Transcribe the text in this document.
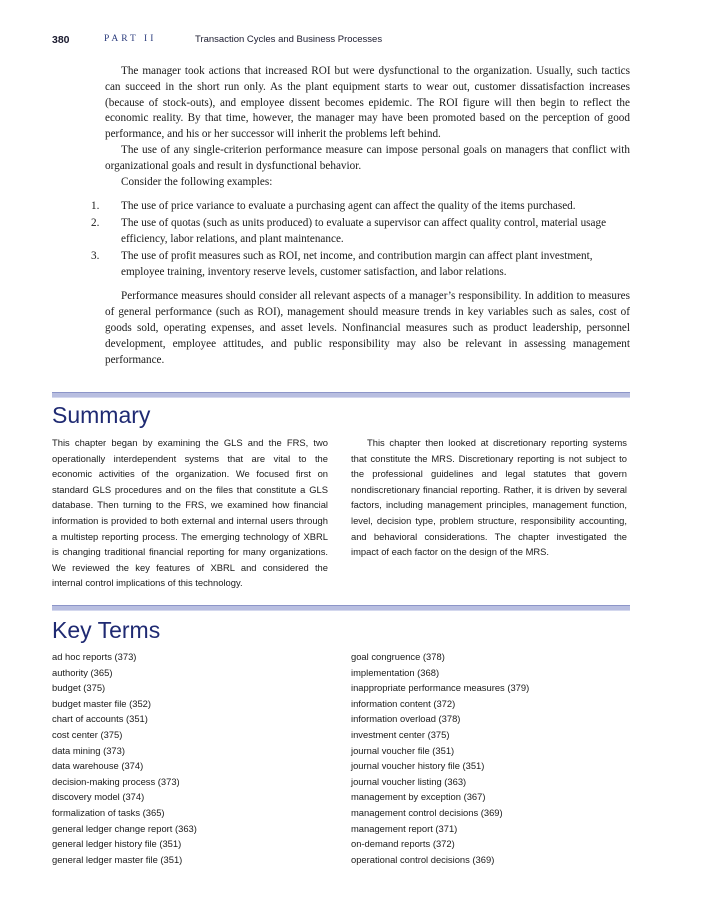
380	PART II	Transaction Cycles and Business Processes

The manager took actions that increased ROI but were dysfunctional to the organization. Usually, such tactics can succeed in the short run only. As the plant equipment starts to wear out, customer dissatisfaction increases (because of stock-outs), and employee dissent becomes epidemic. The ROI figure will then begin to reflect the economic reality. By that time, however, the manager may have been promoted based on the perception of good performance, and his or her successor will inherit the problems left behind.

The use of any single-criterion performance measure can impose personal goals on managers that conflict with organizational goals and result in dysfunctional behavior.

Consider the following examples:

1. The use of price variance to evaluate a purchasing agent can affect the quality of the items purchased.
2. The use of quotas (such as units produced) to evaluate a supervisor can affect quality control, material usage efficiency, labor relations, and plant maintenance.
3. The use of profit measures such as ROI, net income, and contribution margin can affect plant investment, employee training, inventory reserve levels, customer satisfaction, and labor relations.

Performance measures should consider all relevant aspects of a manager’s responsibility. In addition to measures of general performance (such as ROI), management should measure trends in key variables such as sales, cost of goods sold, operating expenses, and asset levels. Nonfinancial measures such as product leadership, personnel development, employee attitudes, and public responsibility may also be relevant in assessing management performance.

Summary

This chapter began by examining the GLS and the FRS, two operationally interdependent systems that are vital to the economic activities of the organization. We focused first on standard GLS procedures and on the files that constitute a GLS database. Then turning to the FRS, we examined how financial information is provided to both external and internal users through a multistep reporting process. The emerging technology of XBRL is changing traditional financial reporting for many organizations. We reviewed the key features of XBRL and considered the internal control implications of this technology.

This chapter then looked at discretionary reporting systems that constitute the MRS. Discretionary reporting is not subject to the professional guidelines and legal statutes that govern nondiscretionary financial reporting. Rather, it is driven by several factors, including management principles, management function, level, decision type, problem structure, responsibility accounting, and behavioral considerations. The chapter investigated the impact of each factor on the design of the MRS.

Key Terms
ad hoc reports (373)
authority (365)
budget (375)
budget master file (352)
chart of accounts (351)
cost center (375)
data mining (373)
data warehouse (374)
decision-making process (373)
discovery model (374)
formalization of tasks (365)
general ledger change report (363)
general ledger history file (351)
general ledger master file (351)
goal congruence (378)
implementation (368)
inappropriate performance measures (379)
information content (372)
information overload (378)
investment center (375)
journal voucher file (351)
journal voucher history file (351)
journal voucher listing (363)
management by exception (367)
management control decisions (369)
management report (371)
on-demand reports (372)
operational control decisions (369)
